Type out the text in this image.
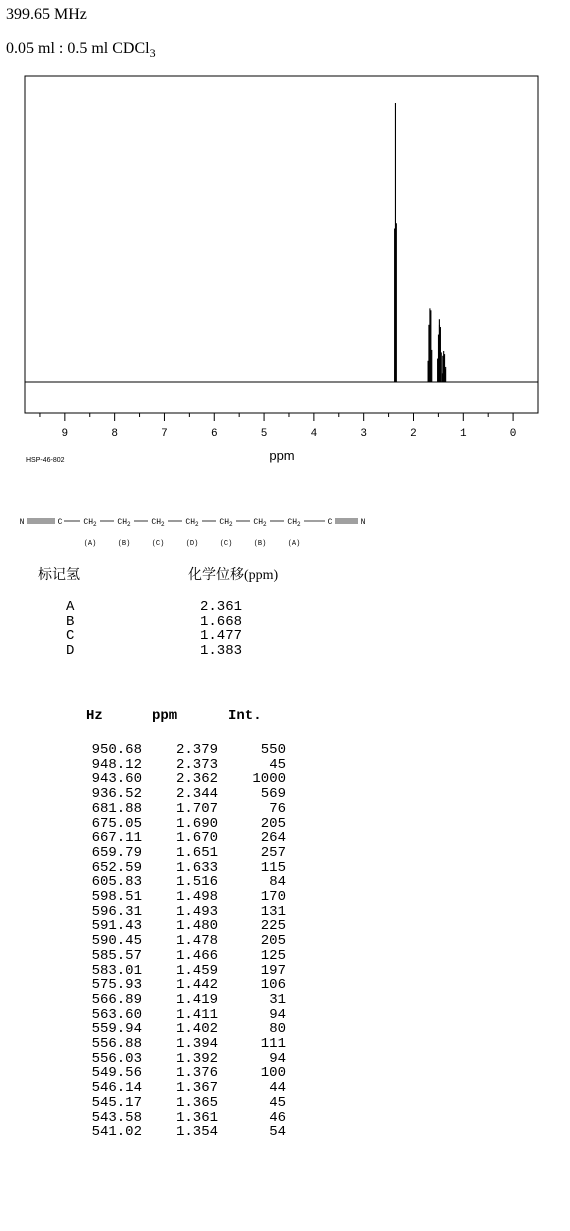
399.65 MHz
0.05 ml : 0.5 ml CDCl$_3$
9	8	7	6	5	4	3	2	1	0
HSP-46-802	ppm
N	C	$CH_2$	$CH_2$	$CH_2$	$CH_2$	$CH_2$	$CH_2$	$CH_2$	C	N
(A)	(B)	(C)	(D)	(C)	(B)	(A)
标记氢	化学位移(ppm)
A	2.361
B	1.668
C	1.477
D	1.383
Hz	ppm	Int.
950.68	2.379	550
948.12	2.373	45
943.60	2.362	1000
936.52	2.344	569
681.88	1.707	76
675.05	1.690	205
667.11	1.670	264
659.79	1.651	257
652.59	1.633	115
605.83	1.516	84
598.51	1.498	170
596.31	1.493	131
591.43	1.480	225
590.45	1.478	205
585.57	1.466	125
583.01	1.459	197
575.93	1.442	106
566.89	1.419	31
563.60	1.411	94
559.94	1.402	80
556.88	1.394	111
556.03	1.392	94
549.56	1.376	100
546.14	1.367	44
545.17	1.365	45
543.58	1.361	46
541.02	1.354	54
